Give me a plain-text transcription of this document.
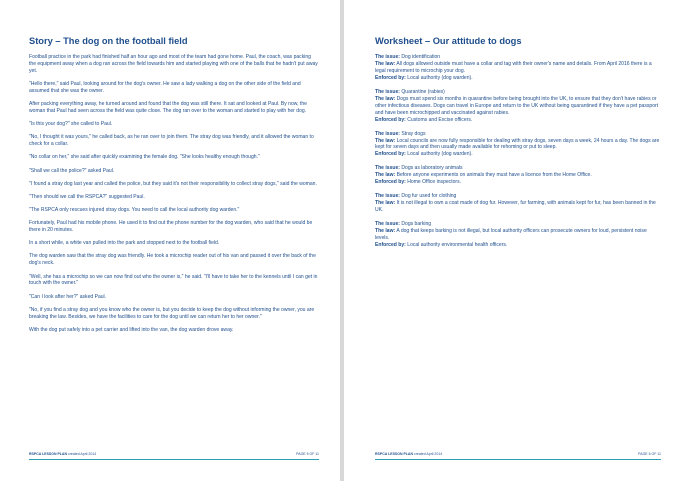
Story – The dog on the football field

Football practice in the park had finished half an hour ago and most of the team had gone home. Paul, the coach, was packing the equipment away when a dog ran across the field towards him and started playing with one of the balls that he hadn't put away yet.

"Hello there," said Paul, looking around for the dog's owner. He saw a lady walking a dog on the other side of the field and assumed that she was the owner.

After packing everything away, he turned around and found that the dog was still there. It sat and looked at Paul. By now, the woman that Paul had seen across the field was quite close. The dog ran over to the woman and started to play with her dog.

"Is this your dog?" she called to Paul.

"No, I thought it was yours," he called back, as he ran over to join them. The stray dog was friendly, and it allowed the woman to check for a collar.

"No collar on her," she said after quickly examining the female dog. "She looks healthy enough though."

"Shall we call the police?" asked Paul.

"I found a stray dog last year and called the police, but they said it's not their responsibility to collect stray dogs," said the woman.

"Then should we call the RSPCA?" suggested Paul.

"The RSPCA only rescues injured stray dogs. You need to call the local authority dog warden."

Fortunately, Paul had his mobile phone. He used it to find out the phone number for the dog warden, who said that he would be there in 20 minutes.

In a short while, a white van pulled into the park and stopped next to the football field.

The dog warden saw that the stray dog was friendly. He took a microchip reader out of his van and passed it over the back of the dog's neck.

"Well, she has a microchip so we can now find out who the owner is," he said. "I'll have to take her to the kennels until I can get in touch with the owner."

"Can I look after her?" asked Paul.

"No, if you find a stray dog and you know who the owner is, but you decide to keep the dog without informing the owner, you are breaking the law. Besides, we have the facilities to care for the dog until we can return her to her owner."

With the dog put safely into a pet carrier and lifted into the van, the dog warden drove away.

RSPCA LESSON PLAN created April 2014	PAGE 5 OF 11
Worksheet – Our attitude to dogs
The issue: Dog identification
The law: All dogs allowed outside must have a collar and tag with their owner's name and details. From April 2016 there is a legal requirement to microchip your dog.
Enforced by: Local authority (dog warden).
The issue: Quarantine (rabies)
The law: Dogs must spend six months in quarantine before being brought into the UK, to ensure that they don't have rabies or other infectious diseases. Dogs can travel in Europe and return to the UK without being quarantined if they have a pet passport and have been microchipped and vaccinated against rabies.
Enforced by: Customs and Excise officers.
The issue: Stray dogs
The law: Local councils are now fully responsible for dealing with stray dogs, seven days a week, 24 hours a day. The dogs are kept for seven days and then usually made available for rehoming or put to sleep.
Enforced by: Local authority (dog warden).
The issue: Dogs as laboratory animals
The law: Before anyone experiments on animals they must have a licence from the Home Office.
Enforced by: Home Office inspectors.
The issue: Dog fur used for clothing
The law: It is not illegal to own a coat made of dog fur. However, fur farming, with animals kept for fur, has been banned in the UK.
The issue: Dogs barking
The law: A dog that keeps barking is not illegal, but local authority officers can prosecute owners for loud, persistent noise levels.
Enforced by: Local authority environmental health officers.
RSPCA LESSON PLAN created April 2014	PAGE 6 OF 11
